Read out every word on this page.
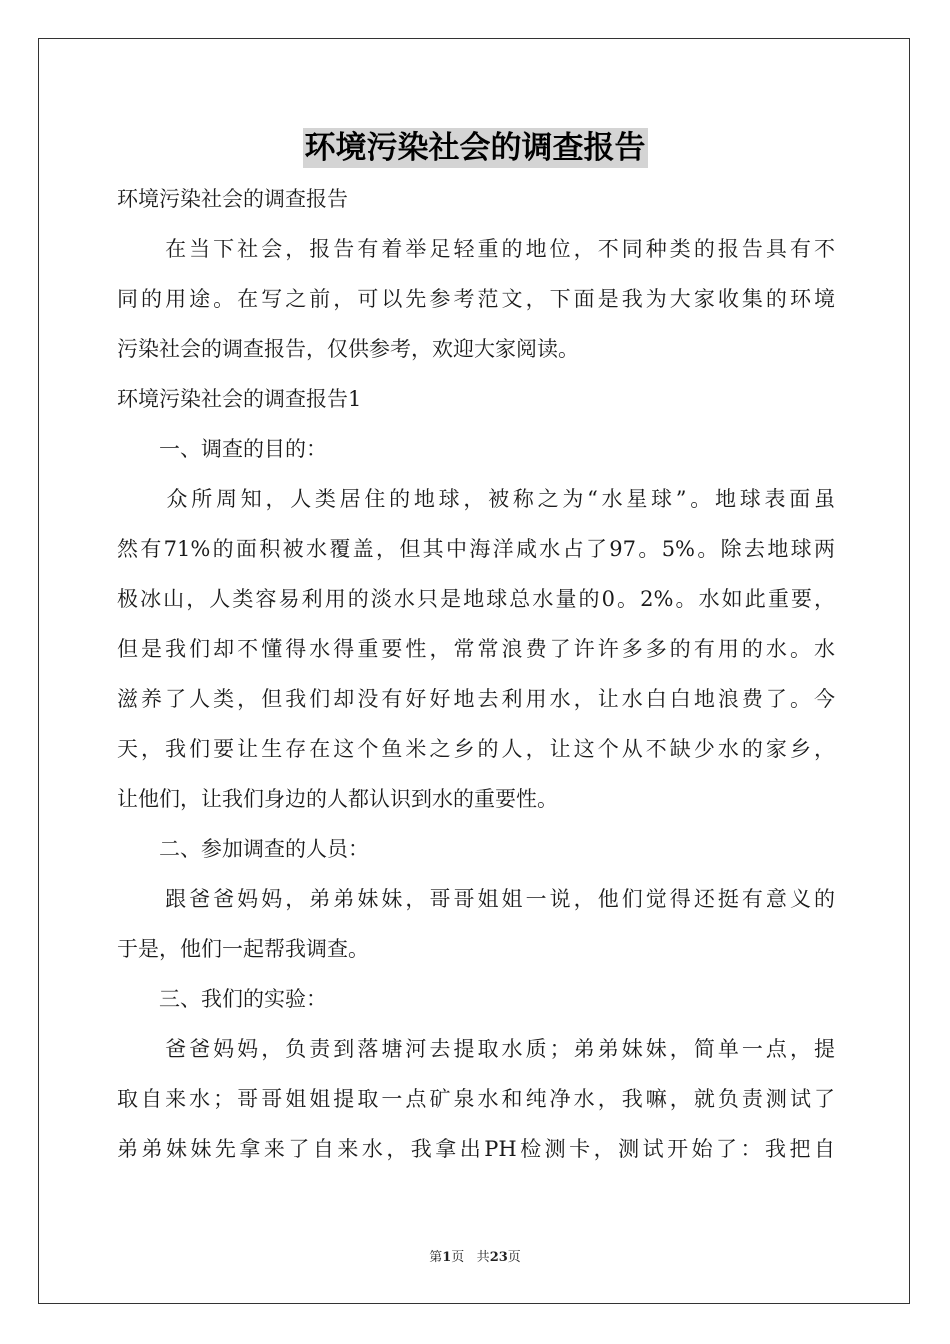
环境污染社会的调查报告
环境污染社会的调查报告
　　在当下社会，报告有着举足轻重的地位，不同种类的报告具有不
同的用途。在写之前，可以先参考范文，下面是我为大家收集的环境
污染社会的调查报告，仅供参考，欢迎大家阅读。
环境污染社会的调查报告1
　　一、调查的目的：
　　众所周知，人类居住的地球，被称之为“水星球”。地球表面虽
然有71%的面积被水覆盖，但其中海洋咸水占了97。5%。除去地球两
极冰山，人类容易利用的淡水只是地球总水量的0。2%。水如此重要，
但是我们却不懂得水得重要性，常常浪费了许许多多的有用的水。水
滋养了人类，但我们却没有好好地去利用水，让水白白地浪费了。今
天，我们要让生存在这个鱼米之乡的人，让这个从不缺少水的家乡，
让他们，让我们身边的人都认识到水的重要性。
　　二、参加调查的人员：
　　跟爸爸妈妈，弟弟妹妹，哥哥姐姐一说，他们觉得还挺有意义的
于是，他们一起帮我调查。
　　三、我们的实验：
　　爸爸妈妈，负责到落塘河去提取水质；弟弟妹妹，简单一点，提
取自来水；哥哥姐姐提取一点矿泉水和纯净水，我嘛，就负责测试了
弟弟妹妹先拿来了自来水，我拿出PH检测卡，测试开始了：我把自
第1页 共23页
